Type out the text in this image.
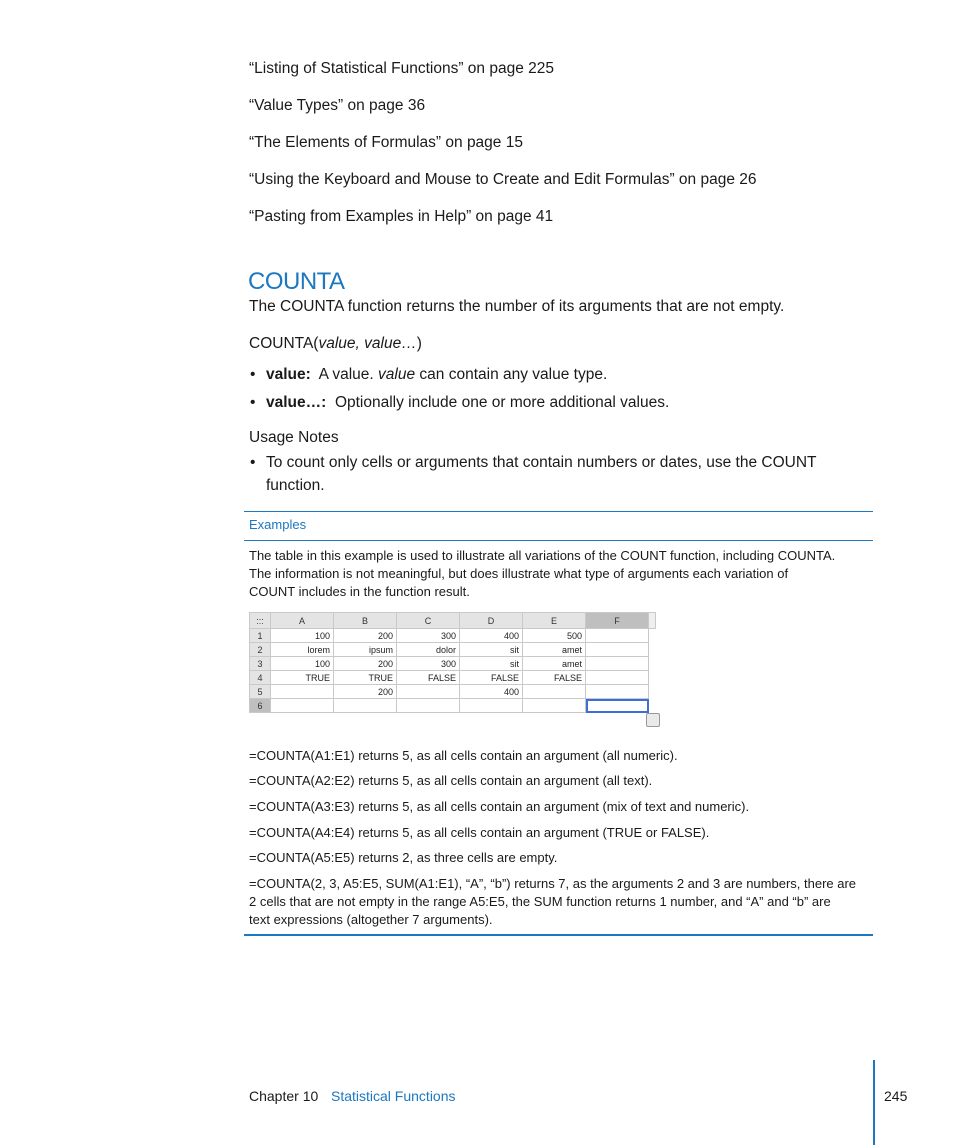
“Listing of Statistical Functions” on page 225
“Value Types” on page 36
“The Elements of Formulas” on page 15
“Using the Keyboard and Mouse to Create and Edit Formulas” on page 26
“Pasting from Examples in Help” on page 41
COUNTA
The COUNTA function returns the number of its arguments that are not empty.
COUNTA(value, value…)
• value: A value. value can contain any value type.
• value…: Optionally include one or more additional values.
Usage Notes
• To count only cells or arguments that contain numbers or dates, use the COUNT
function.
Examples
The table in this example is used to illustrate all variations of the COUNT function, including COUNTA.
The information is not meaningful, but does illustrate what type of arguments each variation of
COUNT includes in the function result.
:::	A	B	C	D	E	F	
1	100	200	300	400	500		
2	lorem	ipsum	dolor	sit	amet		
3	100	200	300	sit	amet		
4	TRUE	TRUE	FALSE	FALSE	FALSE		
5		200		400			
6							
=COUNTA(A1:E1) returns 5, as all cells contain an argument (all numeric).
=COUNTA(A2:E2) returns 5, as all cells contain an argument (all text).
=COUNTA(A3:E3) returns 5, as all cells contain an argument (mix of text and numeric).
=COUNTA(A4:E4) returns 5, as all cells contain an argument (TRUE or FALSE).
=COUNTA(A5:E5) returns 2, as three cells are empty.
=COUNTA(2, 3, A5:E5, SUM(A1:E1), “A”, “b”) returns 7, as the arguments 2 and 3 are numbers, there are
2 cells that are not empty in the range A5:E5, the SUM function returns 1 number, and “A” and “b” are
text expressions (altogether 7 arguments).
Chapter 10 Statistical Functions	245
